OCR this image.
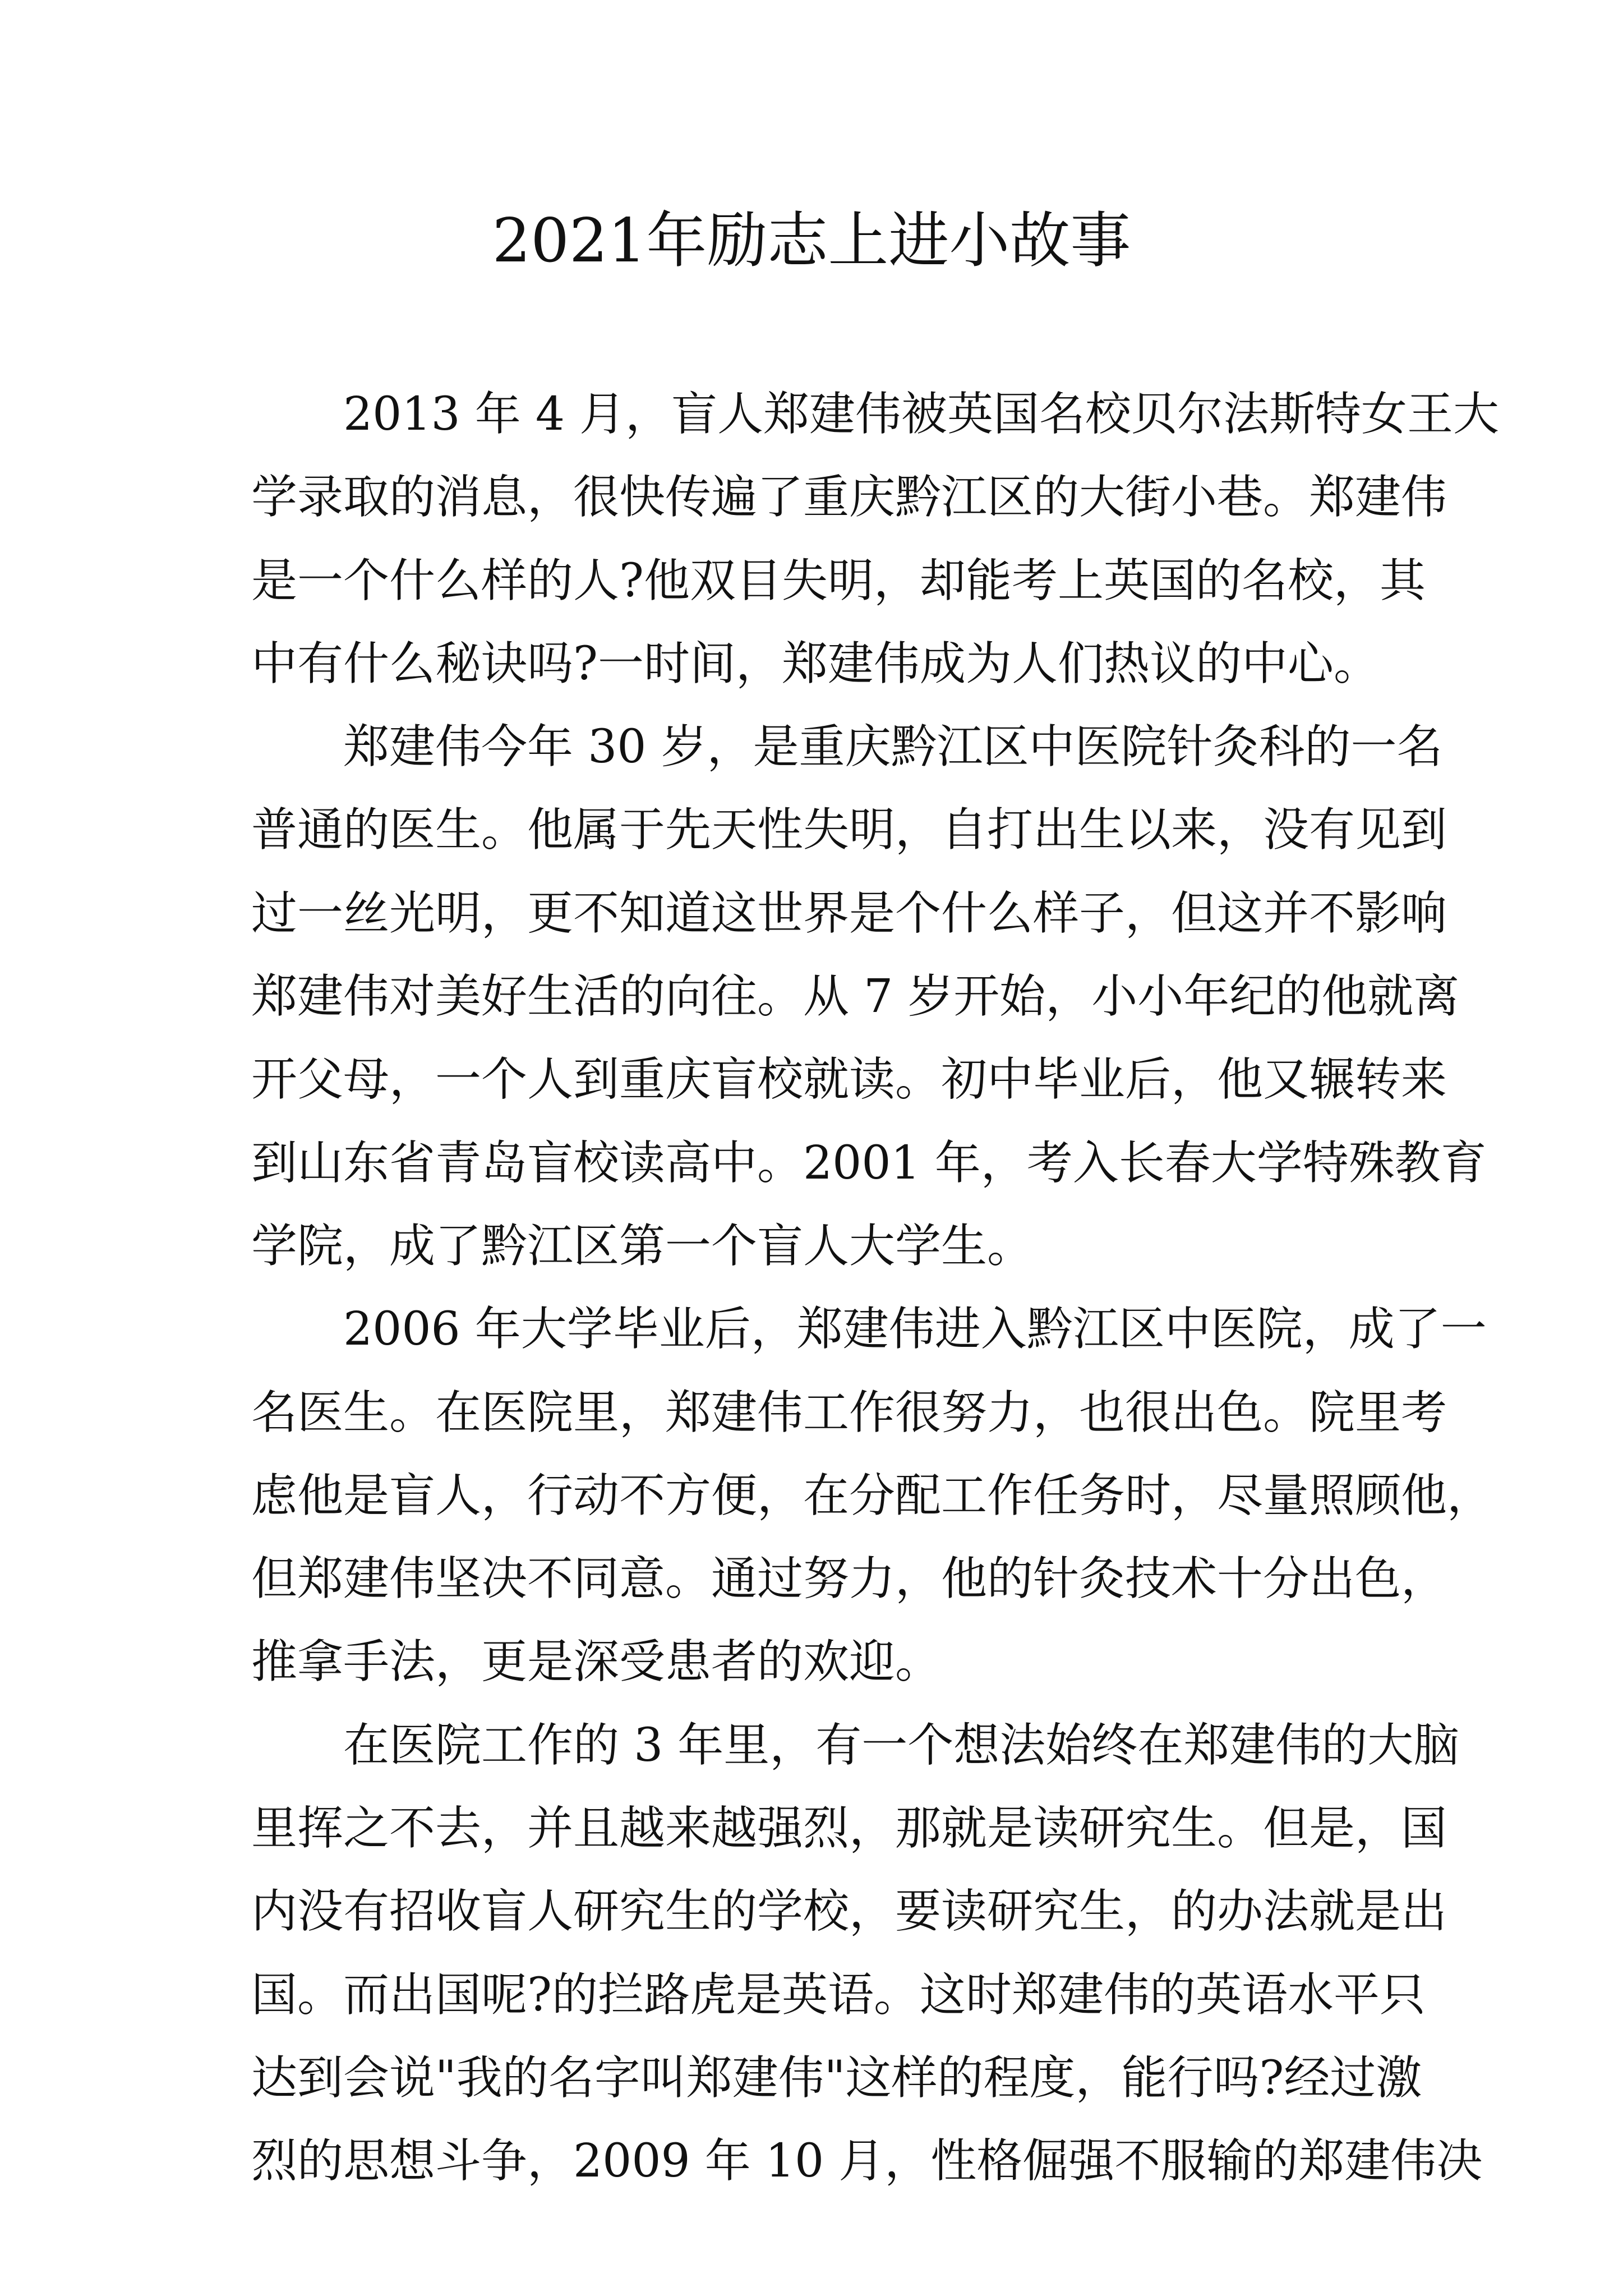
2021年励志上进小故事
2013 年 4 月，盲人郑建伟被英国名校贝尔法斯特女王大
学录取的消息，很快传遍了重庆黔江区的大街小巷。郑建伟
是一个什么样的人?他双目失明，却能考上英国的名校，其
中有什么秘诀吗?一时间，郑建伟成为人们热议的中心。
郑建伟今年 30 岁，是重庆黔江区中医院针灸科的一名
普通的医生。他属于先天性失明，自打出生以来，没有见到
过一丝光明，更不知道这世界是个什么样子，但这并不影响
郑建伟对美好生活的向往。从 7 岁开始，小小年纪的他就离
开父母，一个人到重庆盲校就读。初中毕业后，他又辗转来
到山东省青岛盲校读高中。2001 年，考入长春大学特殊教育
学院，成了黔江区第一个盲人大学生。
2006 年大学毕业后，郑建伟进入黔江区中医院，成了一
名医生。在医院里，郑建伟工作很努力，也很出色。院里考
虑他是盲人，行动不方便，在分配工作任务时，尽量照顾他，
但郑建伟坚决不同意。通过努力，他的针灸技术十分出色，
推拿手法，更是深受患者的欢迎。
在医院工作的 3 年里，有一个想法始终在郑建伟的大脑
里挥之不去，并且越来越强烈，那就是读研究生。但是，国
内没有招收盲人研究生的学校，要读研究生，的办法就是出
国。而出国呢?的拦路虎是英语。这时郑建伟的英语水平只
达到会说"我的名字叫郑建伟"这样的程度，能行吗?经过激
烈的思想斗争，2009 年 10 月，性格倔强不服输的郑建伟决
